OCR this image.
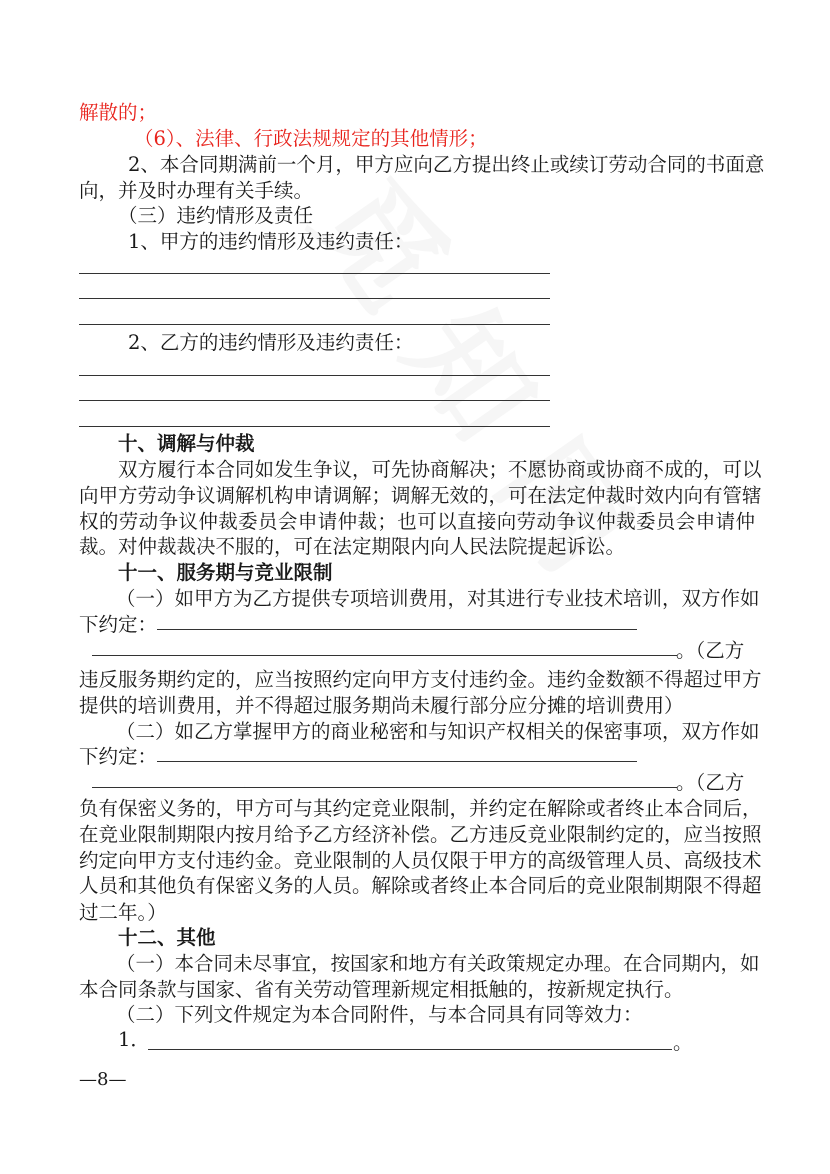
解散的；
（6）、法律、行政法规规定的其他情形；
2、本合同期满前一个月，甲方应向乙方提出终止或续订劳动合同的书面意
向，并及时办理有关手续。
（三）违约情形及责任
1、甲方的违约情形及违约责任：
2、乙方的违约情形及违约责任：
十、调解与仲裁
双方履行本合同如发生争议，可先协商解决；不愿协商或协商不成的，可以
向甲方劳动争议调解机构申请调解；调解无效的，可在法定仲裁时效内向有管辖
权的劳动争议仲裁委员会申请仲裁；也可以直接向劳动争议仲裁委员会申请仲
裁。对仲裁裁决不服的，可在法定期限内向人民法院提起诉讼。
十一、服务期与竞业限制
（一）如甲方为乙方提供专项培训费用，对其进行专业技术培训，双方作如
下约定：
。（乙方
违反服务期约定的，应当按照约定向甲方支付违约金。违约金数额不得超过甲方
提供的培训费用，并不得超过服务期尚未履行部分应分摊的培训费用）
（二）如乙方掌握甲方的商业秘密和与知识产权相关的保密事项，双方作如
下约定：
。（乙方
负有保密义务的，甲方可与其约定竞业限制，并约定在解除或者终止本合同后，
在竞业限制期限内按月给予乙方经济补偿。乙方违反竞业限制约定的，应当按照
约定向甲方支付违约金。竞业限制的人员仅限于甲方的高级管理人员、高级技术
人员和其他负有保密义务的人员。解除或者终止本合同后的竞业限制期限不得超
过二年。）
十二、其他
（一）本合同未尽事宜，按国家和地方有关政策规定办理。在合同期内，如
本合同条款与国家、省有关劳动管理新规定相抵触的，按新规定执行。
（二）下列文件规定为本合同附件，与本合同具有同等效力：
1．	。
—8—
